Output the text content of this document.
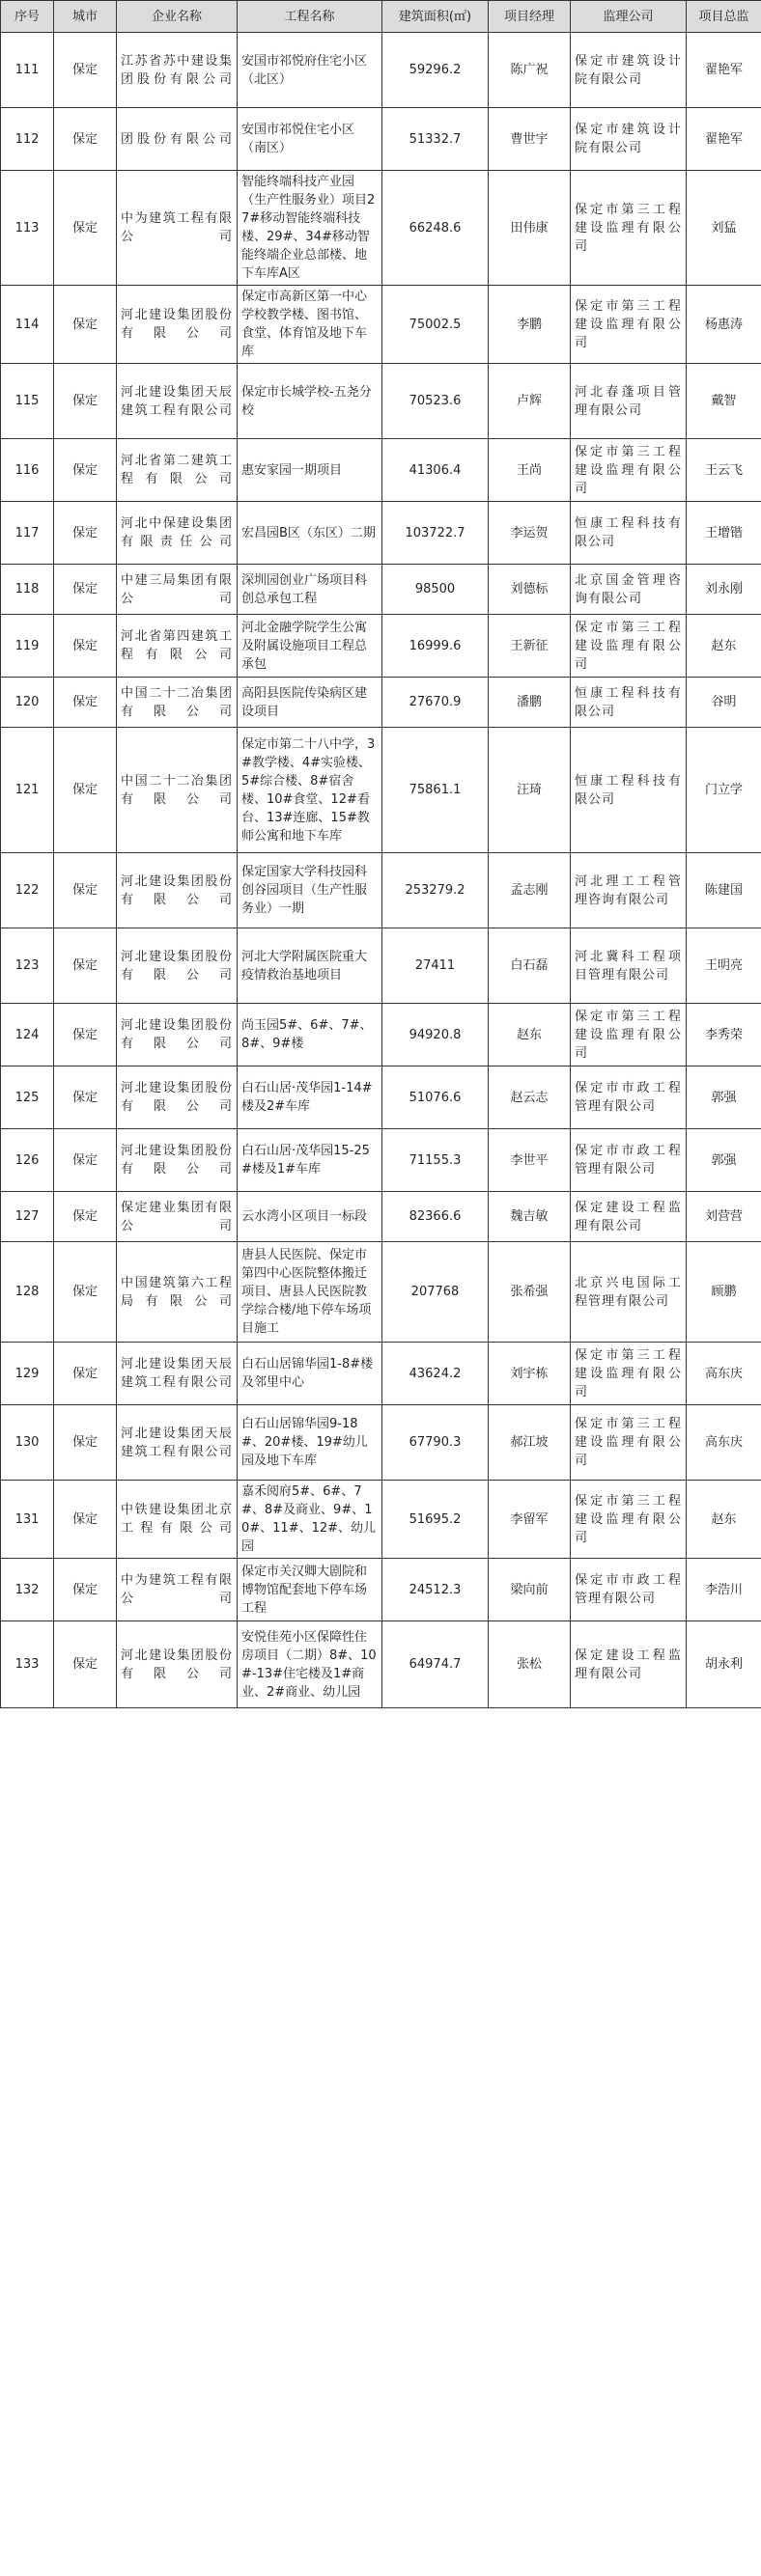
序号	城市	企业名称	工程名称	建筑面积(㎡)	项目经理	监理公司	项目总监
111	保定	江苏省苏中建设集团股份有限公司	安国市祁悦府住宅小区（北区）	59296.2	陈广祝	保定市建筑设计院有限公司	翟艳军
112	保定	团股份有限公司	安国市祁悦住宅小区（南区）	51332.7	曹世宇	保定市建筑设计院有限公司	翟艳军
113	保定	中为建筑工程有限公司	智能终端科技产业园（生产性服务业）项目27#移动智能终端科技楼、29#、34#移动智能终端企业总部楼、地下车库A区	66248.6	田伟康	保定市第三工程建设监理有限公司	刘猛
114	保定	河北建设集团股份有限公司	保定市高新区第一中心学校教学楼、图书馆、食堂、体育馆及地下车库	75002.5	李鹏	保定市第三工程建设监理有限公司	杨惠涛
115	保定	河北建设集团天辰建筑工程有限公司	保定市长城学校-五尧分校	70523.6	卢辉	河北春蓬项目管理有限公司	戴智
116	保定	河北省第二建筑工程有限公司	惠安家园一期项目	41306.4	王尚	保定市第三工程建设监理有限公司	王云飞
117	保定	河北中保建设集团有限责任公司	宏昌园B区（东区）二期	103722.7	李运贺	恒康工程科技有限公司	王增锴
118	保定	中建三局集团有限公司	深圳园创业广场项目科创总承包工程	98500	刘德标	北京国金管理咨询有限公司	刘永刚
119	保定	河北省第四建筑工程有限公司	河北金融学院学生公寓及附属设施项目工程总承包	16999.6	王新征	保定市第三工程建设监理有限公司	赵东
120	保定	中国二十二冶集团有限公司	高阳县医院传染病区建设项目	27670.9	潘鹏	恒康工程科技有限公司	谷明
121	保定	中国二十二冶集团有限公司	保定市第二十八中学，3#教学楼、4#实验楼、5#综合楼、8#宿舍楼、10#食堂、12#看台、13#连廊、15#教师公寓和地下车库	75861.1	汪琦	恒康工程科技有限公司	门立学
122	保定	河北建设集团股份有限公司	保定国家大学科技园科创谷园项目（生产性服务业）一期	253279.2	孟志刚	河北理工工程管理咨询有限公司	陈建国
123	保定	河北建设集团股份有限公司	河北大学附属医院重大疫情救治基地项目	27411	白石磊	河北冀科工程项目管理有限公司	王明亮
124	保定	河北建设集团股份有限公司	尚玉园5#、6#、7#、8#、9#楼	94920.8	赵东	保定市第三工程建设监理有限公司	李秀荣
125	保定	河北建设集团股份有限公司	白石山居·茂华园1-14#楼及2#车库	51076.6	赵云志	保定市市政工程管理有限公司	郭强
126	保定	河北建设集团股份有限公司	白石山居·茂华园15-25#楼及1#车库	71155.3	李世平	保定市市政工程管理有限公司	郭强
127	保定	保定建业集团有限公司	云水湾小区项目一标段	82366.6	魏吉敏	保定建设工程监理有限公司	刘营营
128	保定	中国建筑第六工程局有限公司	唐县人民医院、保定市第四中心医院整体搬迁项目、唐县人民医院教学综合楼/地下停车场项目施工	207768	张希强	北京兴电国际工程管理有限公司	顾鹏
129	保定	河北建设集团天辰建筑工程有限公司	白石山居锦华园1-8#楼及邻里中心	43624.2	刘宇栋	保定市第三工程建设监理有限公司	高东庆
130	保定	河北建设集团天辰建筑工程有限公司	白石山居锦华园9-18#、20#楼、19#幼儿园及地下车库	67790.3	郝江坡	保定市第三工程建设监理有限公司	高东庆
131	保定	中铁建设集团北京工程有限公司	嘉禾阅府5#、6#、7#、8#及商业、9#、10#、11#、12#、幼儿园	51695.2	李留军	保定市第三工程建设监理有限公司	赵东
132	保定	中为建筑工程有限公司	保定市关汉卿大剧院和博物馆配套地下停车场工程	24512.3	梁向前	保定市市政工程管理有限公司	李浩川
133	保定	河北建设集团股份有限公司	安悦佳苑小区保障性住房项目（二期）8#、10#-13#住宅楼及1#商业、2#商业、幼儿园	64974.7	张松	保定建设工程监理有限公司	胡永利
